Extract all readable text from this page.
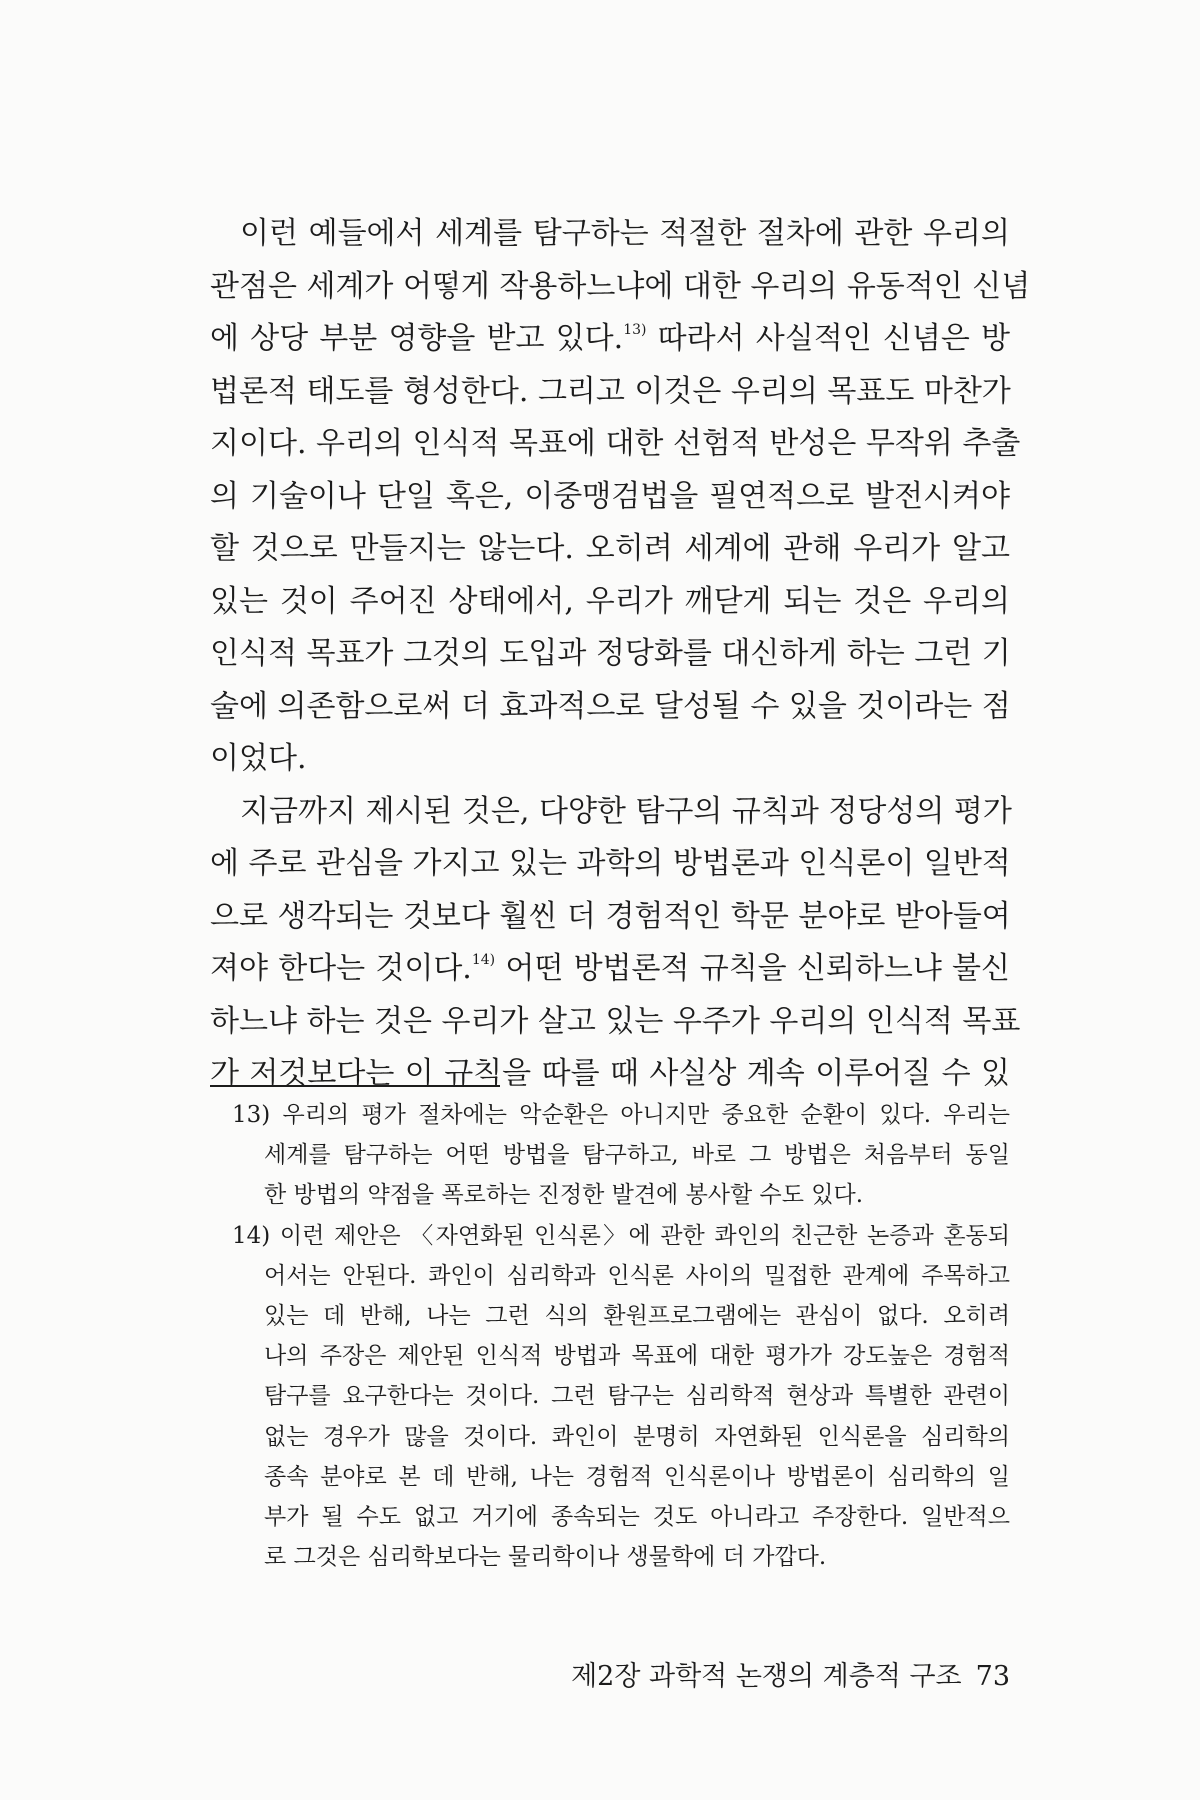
이런 예들에서 세계를 탐구하는 적절한 절차에 관한 우리의
관점은 세계가 어떻게 작용하느냐에 대한 우리의 유동적인 신념
에 상당 부분 영향을 받고 있다.$^{13)}$ 따라서 사실적인 신념은 방
법론적 태도를 형성한다. 그리고 이것은 우리의 목표도 마찬가
지이다. 우리의 인식적 목표에 대한 선험적 반성은 무작위 추출
의 기술이나 단일 혹은, 이중맹검법을 필연적으로 발전시켜야
할 것으로 만들지는 않는다. 오히려 세계에 관해 우리가 알고
있는 것이 주어진 상태에서, 우리가 깨닫게 되는 것은 우리의
인식적 목표가 그것의 도입과 정당화를 대신하게 하는 그런 기
술에 의존함으로써 더 효과적으로 달성될 수 있을 것이라는 점
이었다.
지금까지 제시된 것은, 다양한 탐구의 규칙과 정당성의 평가
에 주로 관심을 가지고 있는 과학의 방법론과 인식론이 일반적
으로 생각되는 것보다 훨씬 더 경험적인 학문 분야로 받아들여
져야 한다는 것이다.$^{14)}$ 어떤 방법론적 규칙을 신뢰하느냐 불신
하느냐 하는 것은 우리가 살고 있는 우주가 우리의 인식적 목표
가 저것보다는 이 규칙을 따를 때 사실상 계속 이루어질 수 있
13) 우리의 평가 절차에는 악순환은 아니지만 중요한 순환이 있다. 우리는
세계를 탐구하는 어떤 방법을 탐구하고, 바로 그 방법은 처음부터 동일
한 방법의 약점을 폭로하는 진정한 발견에 봉사할 수도 있다.
14) 이런 제안은 〈자연화된 인식론〉에 관한 콰인의 친근한 논증과 혼동되
어서는 안된다. 콰인이 심리학과 인식론 사이의 밀접한 관계에 주목하고
있는 데 반해, 나는 그런 식의 환원프로그램에는 관심이 없다. 오히려
나의 주장은 제안된 인식적 방법과 목표에 대한 평가가 강도높은 경험적
탐구를 요구한다는 것이다. 그런 탐구는 심리학적 현상과 특별한 관련이
없는 경우가 많을 것이다. 콰인이 분명히 자연화된 인식론을 심리학의
종속 분야로 본 데 반해, 나는 경험적 인식론이나 방법론이 심리학의 일
부가 될 수도 없고 거기에 종속되는 것도 아니라고 주장한다. 일반적으
로 그것은 심리학보다는 물리학이나 생물학에 더 가깝다.
제2장 과학적 논쟁의 계층적 구조 73
